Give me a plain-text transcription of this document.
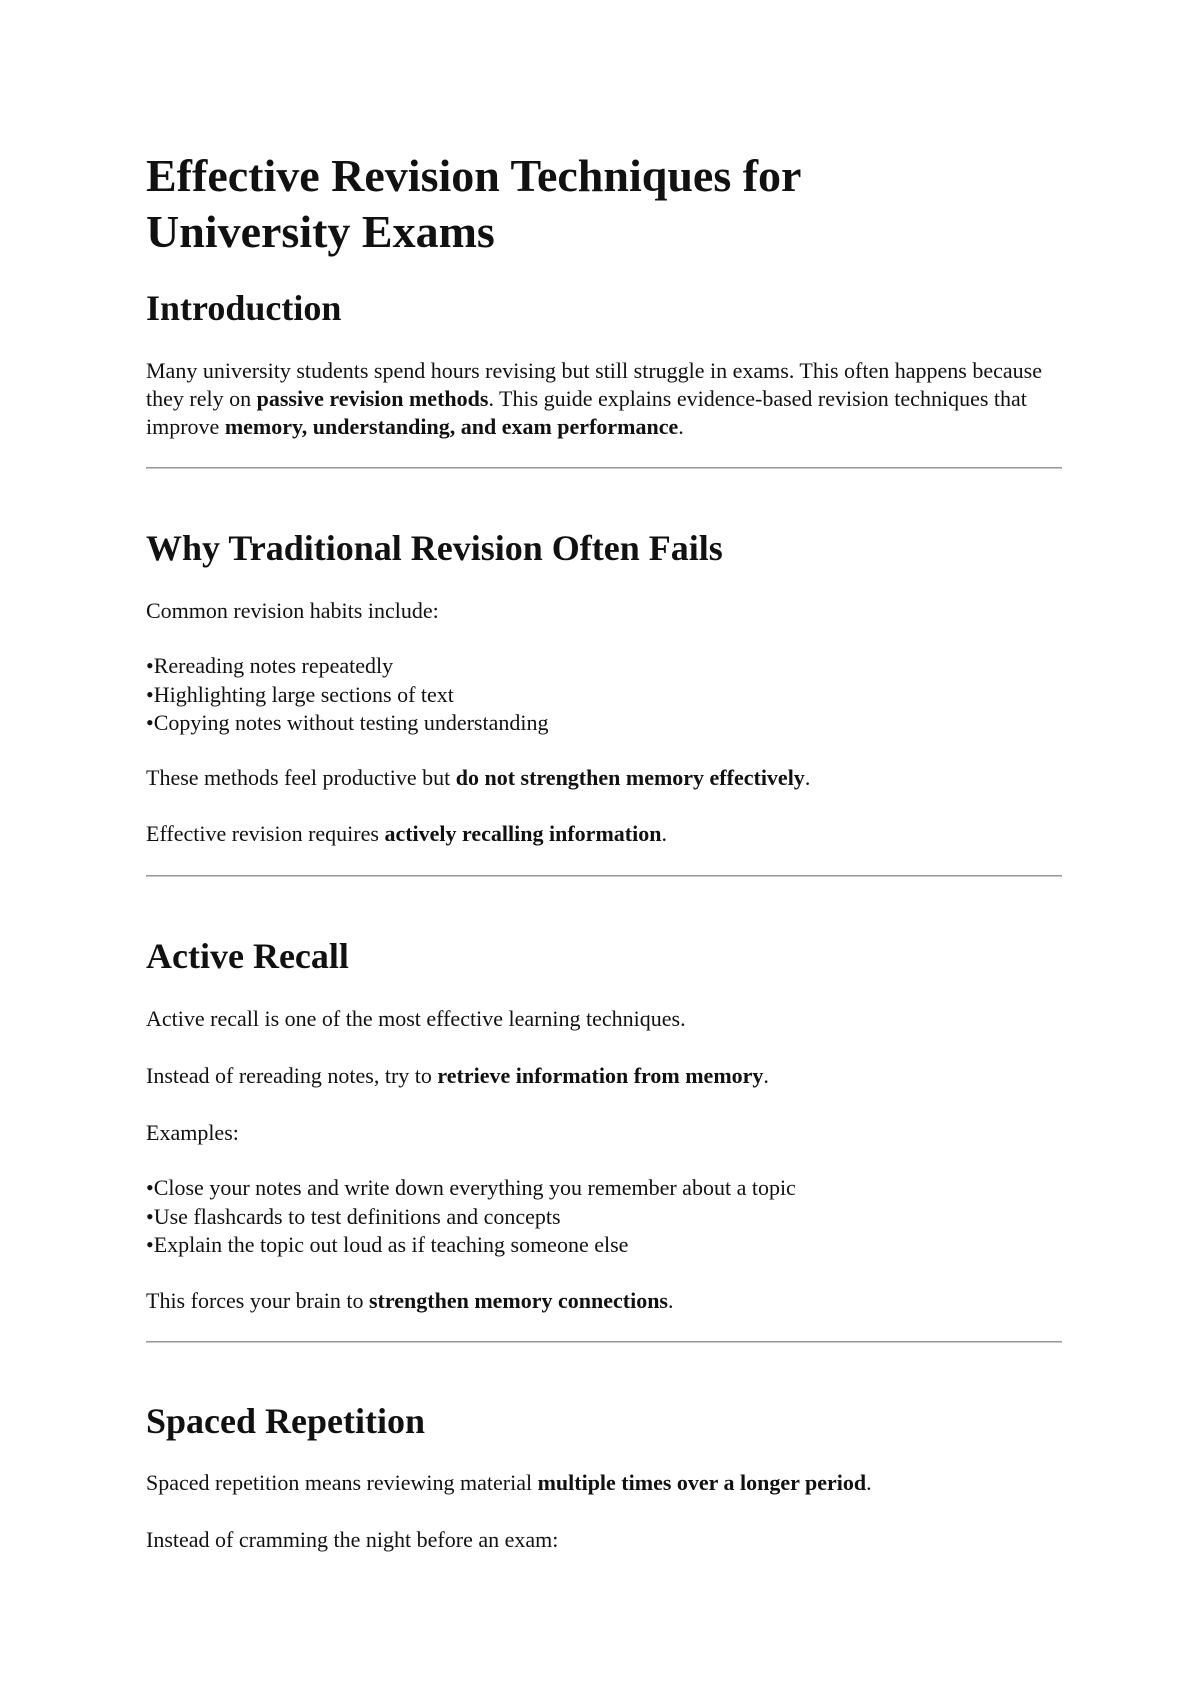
Effective Revision Techniques for University Exams
Introduction

Many university students spend hours revising but still struggle in exams. This often happens because they rely on passive revision methods. This guide explains evidence-based revision techniques that improve memory, understanding, and exam performance.

Why Traditional Revision Often Fails

Common revision habits include:

• Rereading notes repeatedly
• Highlighting large sections of text
• Copying notes without testing understanding

These methods feel productive but do not strengthen memory effectively.

Effective revision requires actively recalling information.

Active Recall

Active recall is one of the most effective learning techniques.

Instead of rereading notes, try to retrieve information from memory.

Examples:

• Close your notes and write down everything you remember about a topic
• Use flashcards to test definitions and concepts
• Explain the topic out loud as if teaching someone else

This forces your brain to strengthen memory connections.

Spaced Repetition

Spaced repetition means reviewing material multiple times over a longer period.

Instead of cramming the night before an exam:
